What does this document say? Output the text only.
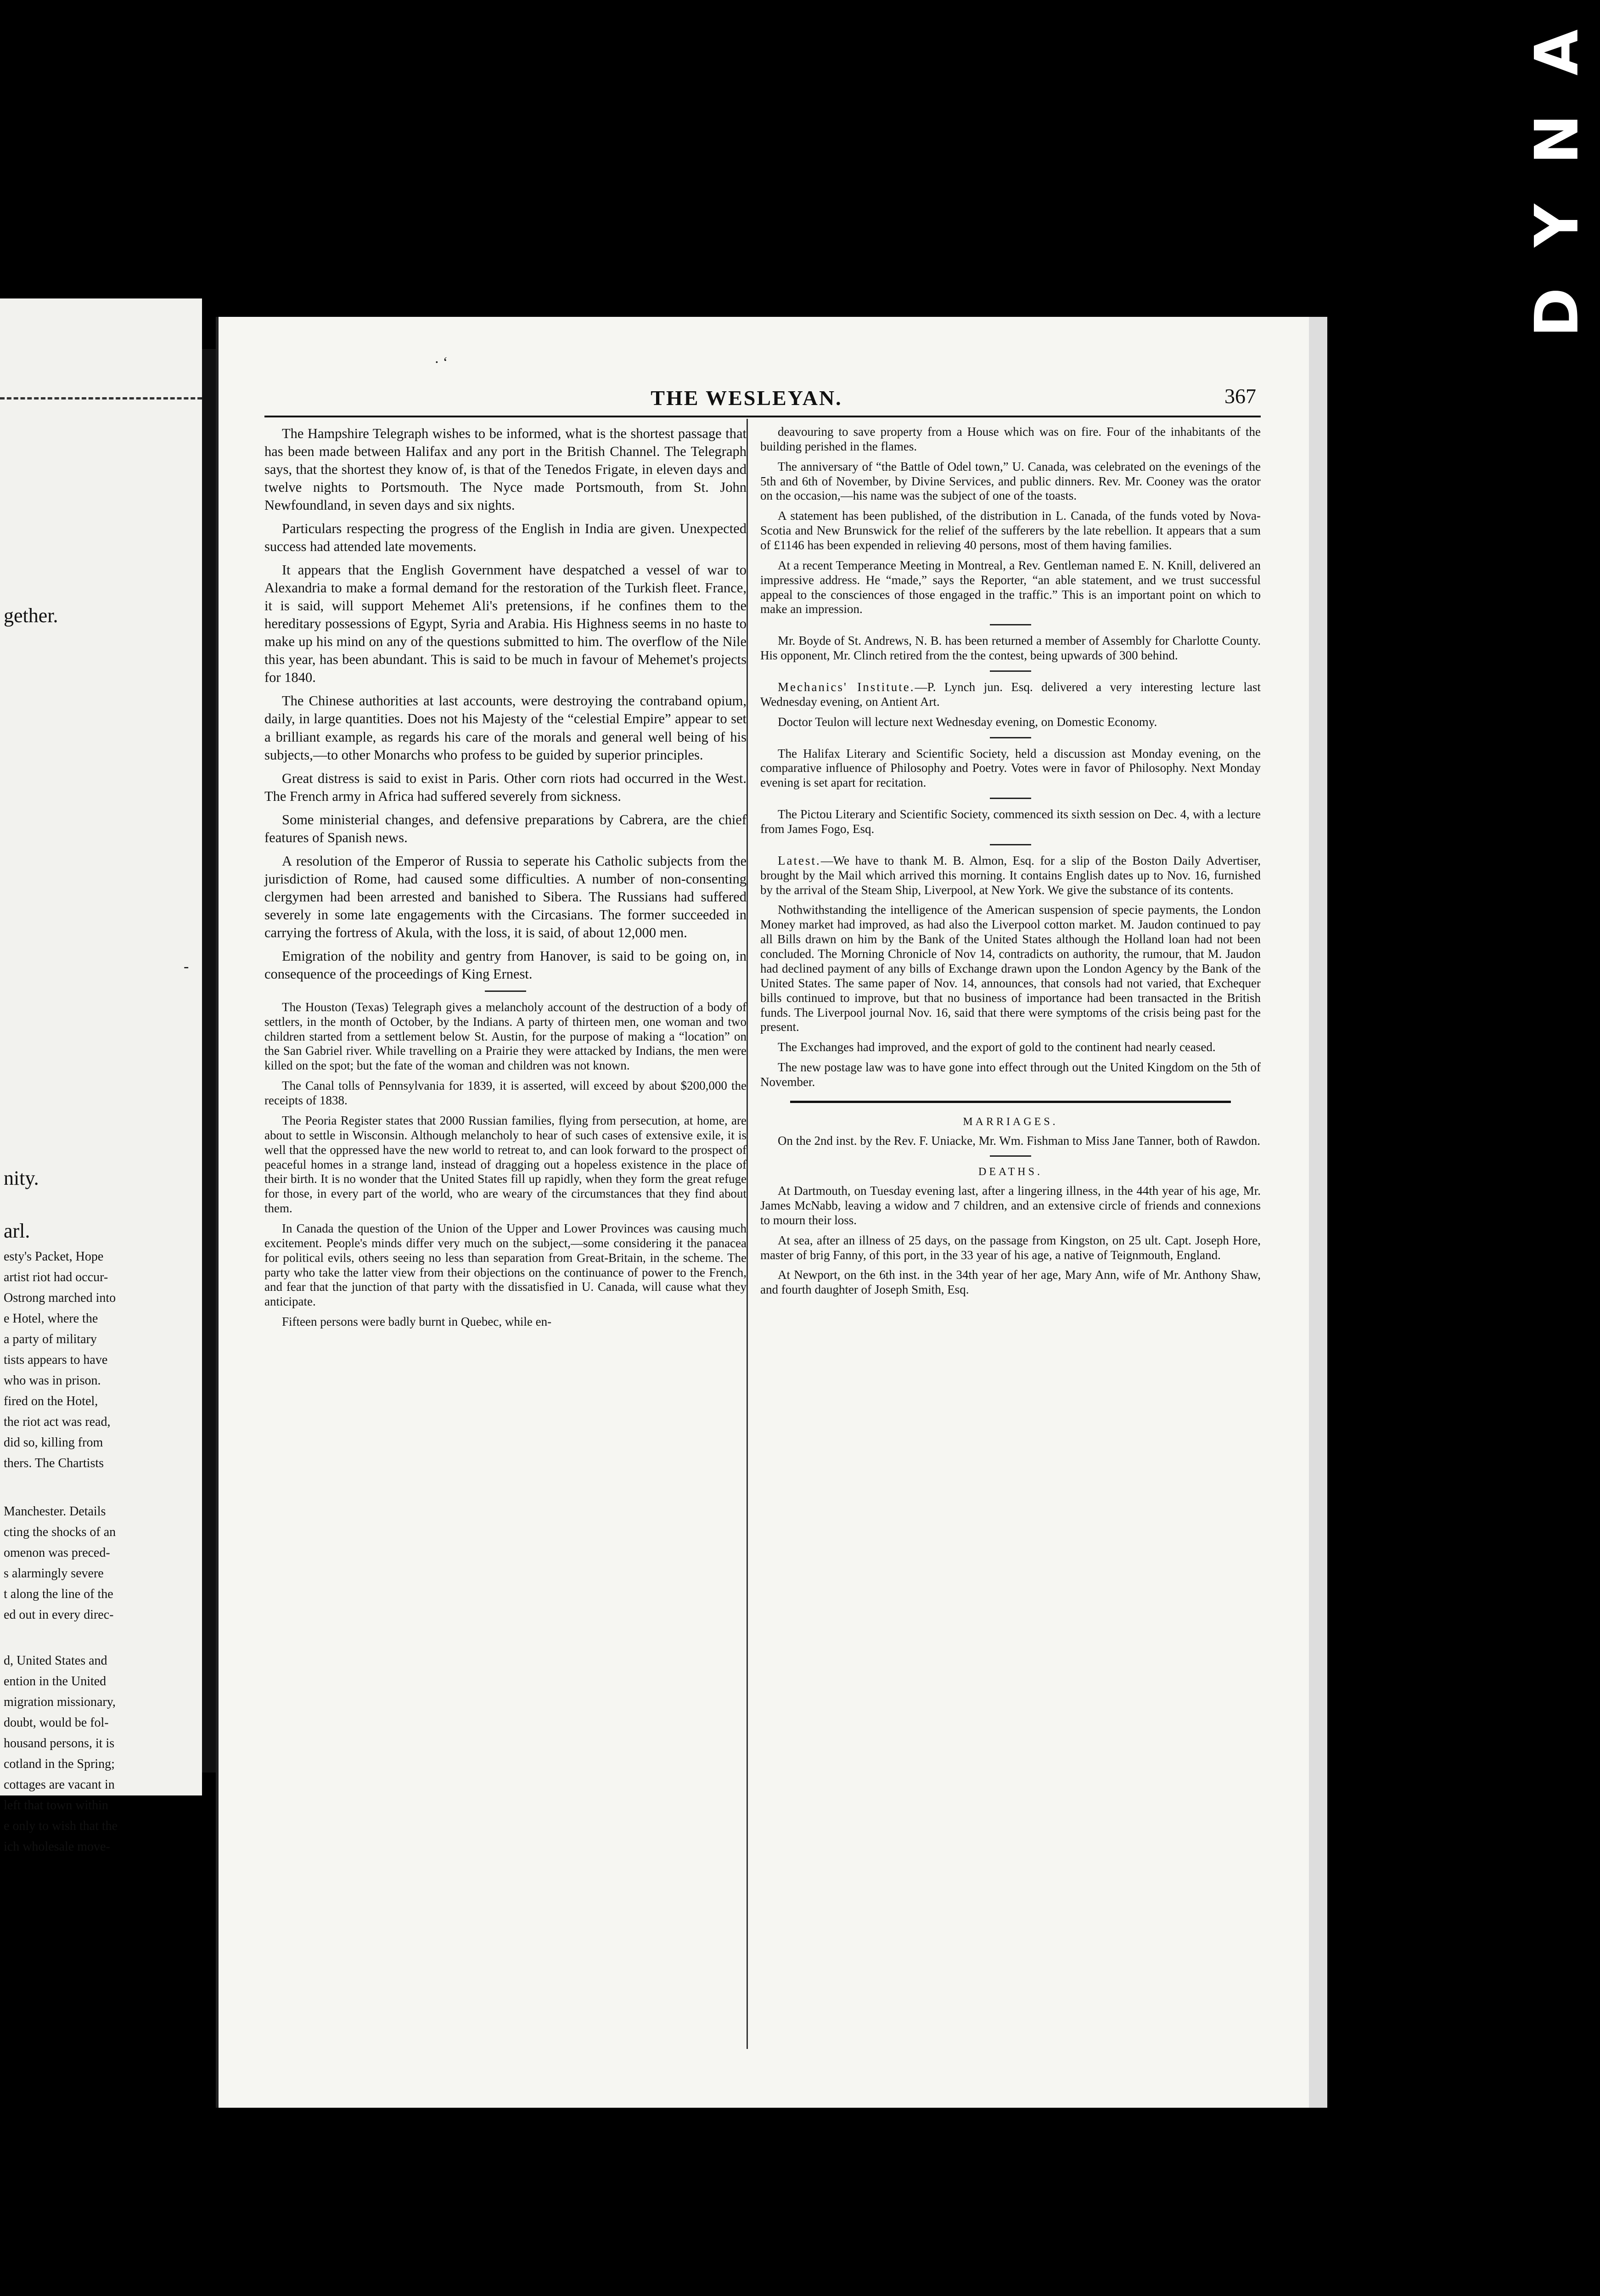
A
N
Y
D
gether.
-
nity.
arl.
esty's Packet, Hope
artist riot had occur-
Ostrong marched into
e Hotel, where the
a party of military
tists appears to have
who was in prison.
fired on the Hotel,
the riot act was read,
did so, killing from
thers. The Chartists
Manchester. Details
cting the shocks of an
omenon was preced-
s alarmingly severe
t along the line of the
ed out in every direc-
d, United States and
ention in the United
migration missionary,
doubt, would be fol-
housand persons, it is
cotland in the Spring;
cottages are vacant in
left that town within
e only to wish that the
ich wholesale move-
· ‘
THE WESLEYAN.	367

The Hampshire Telegraph wishes to be informed, what is the shortest passage that has been made between Halifax and any port in the British Channel. The Telegraph says, that the shortest they know of, is that of the Tenedos Frigate, in eleven days and twelve nights to Portsmouth. The Nyce made Portsmouth, from St. John Newfoundland, in seven days and six nights.

Particulars respecting the progress of the English in India are given. Unexpected success had attended late movements.

It appears that the English Government have despatched a vessel of war to Alexandria to make a formal demand for the restoration of the Turkish fleet. France, it is said, will support Mehemet Ali's pretensions, if he confines them to the hereditary possessions of Egypt, Syria and Arabia. His Highness seems in no haste to make up his mind on any of the questions submitted to him. The overflow of the Nile this year, has been abundant. This is said to be much in favour of Mehemet's projects for 1840.

The Chinese authorities at last accounts, were destroying the contraband opium, daily, in large quantities. Does not his Majesty of the “celestial Empire” appear to set a brilliant example, as regards his care of the morals and general well being of his subjects,—to other Monarchs who profess to be guided by superior principles.

Great distress is said to exist in Paris. Other corn riots had occurred in the West. The French army in Africa had suffered severely from sickness.

Some ministerial changes, and defensive preparations by Cabrera, are the chief features of Spanish news.

A resolution of the Emperor of Russia to seperate his Catholic subjects from the jurisdiction of Rome, had caused some difficulties. A number of non-consenting clergymen had been arrested and banished to Sibera. The Russians had suffered severely in some late engagements with the Circasians. The former succeeded in carrying the fortress of Akula, with the loss, it is said, of about 12,000 men.

Emigration of the nobility and gentry from Hanover, is said to be going on, in consequence of the proceedings of King Ernest.

The Houston (Texas) Telegraph gives a melancholy account of the destruction of a body of settlers, in the month of October, by the Indians. A party of thirteen men, one woman and two children started from a settlement below St. Austin, for the purpose of making a “location” on the San Gabriel river. While travelling on a Prairie they were attacked by Indians, the men were killed on the spot; but the fate of the woman and children was not known.

The Canal tolls of Pennsylvania for 1839, it is asserted, will exceed by about $200,000 the receipts of 1838.

The Peoria Register states that 2000 Russian families, flying from persecution, at home, are about to settle in Wisconsin. Although melancholy to hear of such cases of extensive exile, it is well that the oppressed have the new world to retreat to, and can look forward to the prospect of peaceful homes in a strange land, instead of dragging out a hopeless existence in the place of their birth. It is no wonder that the United States fill up rapidly, when they form the great refuge for those, in every part of the world, who are weary of the circumstances that they find about them.

In Canada the question of the Union of the Upper and Lower Provinces was causing much excitement. People's minds differ very much on the subject,—some considering it the panacea for political evils, others seeing no less than separation from Great-Britain, in the scheme. The party who take the latter view from their objections on the continuance of power to the French, and fear that the junction of that party with the dissatisfied in U. Canada, will cause what they anticipate.

Fifteen persons were badly burnt in Quebec, while en-

deavouring to save property from a House which was on fire. Four of the inhabitants of the building perished in the flames.

The anniversary of “the Battle of Odel town,” U. Canada, was celebrated on the evenings of the 5th and 6th of November, by Divine Services, and public dinners. Rev. Mr. Cooney was the orator on the occasion,—his name was the subject of one of the toasts.

A statement has been published, of the distribution in L. Canada, of the funds voted by Nova-Scotia and New Brunswick for the relief of the sufferers by the late rebellion. It appears that a sum of £1146 has been expended in relieving 40 persons, most of them having families.

At a recent Temperance Meeting in Montreal, a Rev. Gentleman named E. N. Knill, delivered an impressive address. He “made,” says the Reporter, “an able statement, and we trust successful appeal to the consciences of those engaged in the traffic.” This is an important point on which to make an impression.

Mr. Boyde of St. Andrews, N. B. has been returned a member of Assembly for Charlotte County. His opponent, Mr. Clinch retired from the the contest, being upwards of 300 behind.

Mechanics' Institute.—P. Lynch jun. Esq. delivered a very interesting lecture last Wednesday evening, on Antient Art.

Doctor Teulon will lecture next Wednesday evening, on Domestic Economy.

The Halifax Literary and Scientific Society, held a discussion ast Monday evening, on the comparative influence of Philosophy and Poetry. Votes were in favor of Philosophy. Next Monday evening is set apart for recitation.

The Pictou Literary and Scientific Society, commenced its sixth session on Dec. 4, with a lecture from James Fogo, Esq.

Latest.—We have to thank M. B. Almon, Esq. for a slip of the Boston Daily Advertiser, brought by the Mail which arrived this morning. It contains English dates up to Nov. 16, furnished by the arrival of the Steam Ship, Liverpool, at New York. We give the substance of its contents.

Nothwithstanding the intelligence of the American suspension of specie payments, the London Money market had improved, as had also the Liverpool cotton market. M. Jaudon continued to pay all Bills drawn on him by the Bank of the United States although the Holland loan had not been concluded. The Morning Chronicle of Nov 14, contradicts on authority, the rumour, that M. Jaudon had declined payment of any bills of Exchange drawn upon the London Agency by the Bank of the United States. The same paper of Nov. 14, announces, that consols had not varied, that Exchequer bills continued to improve, but that no business of importance had been transacted in the British funds. The Liverpool journal Nov. 16, said that there were symptoms of the crisis being past for the present.

The Exchanges had improved, and the export of gold to the continent had nearly ceased.

The new postage law was to have gone into effect through out the United Kingdom on the 5th of November.

MARRIAGES.

On the 2nd inst. by the Rev. F. Uniacke, Mr. Wm. Fishman to Miss Jane Tanner, both of Rawdon.

DEATHS.

At Dartmouth, on Tuesday evening last, after a lingering illness, in the 44th year of his age, Mr. James McNabb, leaving a widow and 7 children, and an extensive circle of friends and connexions to mourn their loss.

At sea, after an illness of 25 days, on the passage from Kingston, on 25 ult. Capt. Joseph Hore, master of brig Fanny, of this port, in the 33 year of his age, a native of Teignmouth, England.

At Newport, on the 6th inst. in the 34th year of her age, Mary Ann, wife of Mr. Anthony Shaw, and fourth daughter of Joseph Smith, Esq.
